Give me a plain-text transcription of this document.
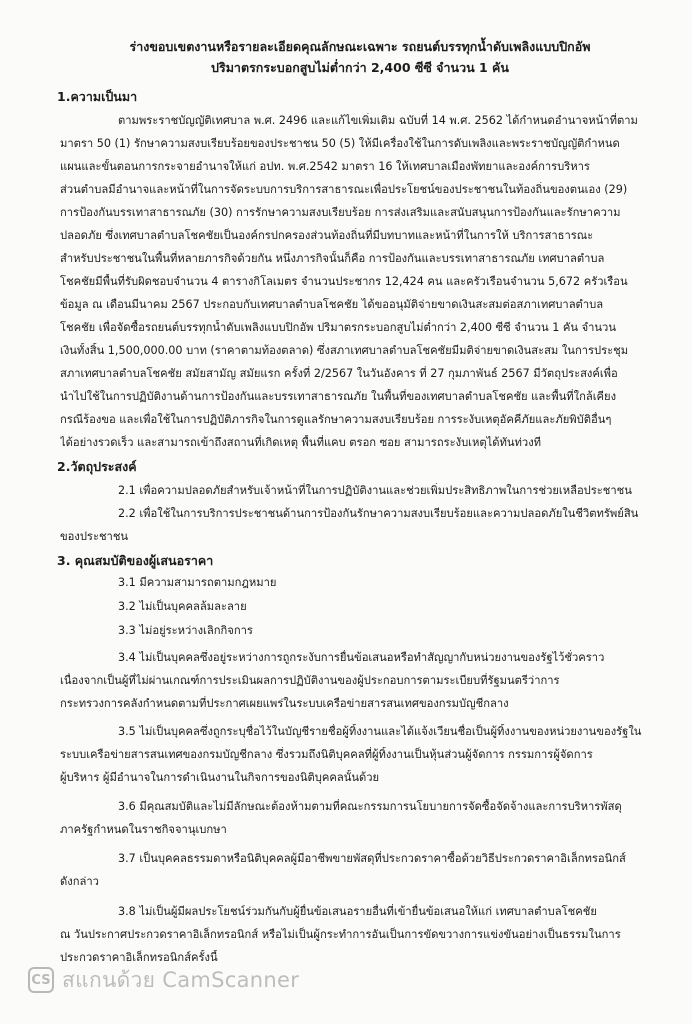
ร่างขอบเขตงานหรือรายละเอียดคุณลักษณะเฉพาะ รถยนต์บรรทุกน้ำดับเพลิงแบบปิกอัพ
ปริมาตรกระบอกสูบไม่ต่ำกว่า 2,400 ซีซี จำนวน 1 คัน
1.ความเป็นมา
ตามพระราชบัญญัติเทศบาล พ.ศ. 2496 และแก้ไขเพิ่มเติม ฉบับที่ 14 พ.ศ. 2562 ได้กำหนดอำนาจหน้าที่ตาม
มาตรา 50 (1) รักษาความสงบเรียบร้อยของประชาชน 50 (5) ให้มีเครื่องใช้ในการดับเพลิงและพระราชบัญญัติกำหนด
แผนและขั้นตอนการกระจายอำนาจให้แก่ อปท. พ.ศ.2542 มาตรา 16 ให้เทศบาลเมืองพัทยาและองค์การบริหาร
ส่วนตำบลมีอำนาจและหน้าที่ในการจัดระบบการบริการสาธารณะเพื่อประโยชน์ของประชาชนในท้องถิ่นของตนเอง (29)
การป้องกันบรรเทาสาธารณภัย (30) การรักษาความสงบเรียบร้อย การส่งเสริมและสนับสนุนการป้องกันและรักษาความ
ปลอดภัย ซึ่งเทศบาลตำบลโชคชัยเป็นองค์กรปกครองส่วนท้องถิ่นที่มีบทบาทและหน้าที่ในการให้ บริการสาธารณะ
สำหรับประชาชนในพื้นที่หลายภารกิจด้วยกัน หนึ่งภารกิจนั้นก็คือ การป้องกันและบรรเทาสาธารณภัย เทศบาลตำบล
โชคชัยมีพื้นที่รับผิดชอบจำนวน 4 ตารางกิโลเมตร จำนวนประชากร 12,424 คน และครัวเรือนจำนวน 5,672 ครัวเรือน
ข้อมูล ณ เดือนมีนาคม 2567 ประกอบกับเทศบาลตำบลโชคชัย ได้ขออนุมัติจ่ายขาดเงินสะสมต่อสภาเทศบาลตำบล
โชคชัย เพื่อจัดซื้อรถยนต์บรรทุกน้ำดับเพลิงแบบปิกอัพ ปริมาตรกระบอกสูบไม่ต่ำกว่า 2,400 ซีซี จำนวน 1 คัน จำนวน
เงินทั้งสิ้น 1,500,000.00 บาท (ราคาตามท้องตลาด) ซึ่งสภาเทศบาลตำบลโชคชัยมีมติจ่ายขาดเงินสะสม ในการประชุม
สภาเทศบาลตำบลโชคชัย สมัยสามัญ สมัยแรก ครั้งที่ 2/2567 ในวันอังคาร ที่ 27 กุมภาพันธ์ 2567 มีวัตถุประสงค์เพื่อ
นำไปใช้ในการปฏิบัติงานด้านการป้องกันและบรรเทาสาธารณภัย ในพื้นที่ของเทศบาลตำบลโชคชัย และพื้นที่ใกล้เคียง
กรณีร้องขอ และเพื่อใช้ในการปฏิบัติภารกิจในการดูแลรักษาความสงบเรียบร้อย การระงับเหตุอัคคีภัยและภัยพิบัติอื่นๆ
ได้อย่างรวดเร็ว และสามารถเข้าถึงสถานที่เกิดเหตุ พื้นที่แคบ ตรอก ซอย สามารถระงับเหตุได้ทันท่วงที
2.วัตถุประสงค์
2.1 เพื่อความปลอดภัยสำหรับเจ้าหน้าที่ในการปฏิบัติงานและช่วยเพิ่มประสิทธิภาพในการช่วยเหลือประชาชน
2.2 เพื่อใช้ในการบริการประชาชนด้านการป้องกันรักษาความสงบเรียบร้อยและความปลอดภัยในชีวิตทรัพย์สิน
ของประชาชน
3. คุณสมบัติของผู้เสนอราคา
3.1 มีความสามารถตามกฎหมาย
3.2 ไม่เป็นบุคคลล้มละลาย
3.3 ไม่อยู่ระหว่างเลิกกิจการ
3.4 ไม่เป็นบุคคลซึ่งอยู่ระหว่างการถูกระงับการยื่นข้อเสนอหรือทำสัญญากับหน่วยงานของรัฐไว้ชั่วคราว
เนื่องจากเป็นผู้ที่ไม่ผ่านเกณฑ์การประเมินผลการปฏิบัติงานของผู้ประกอบการตามระเบียบที่รัฐมนตรีว่าการ
กระทรวงการคลังกำหนดตามที่ประกาศเผยแพร่ในระบบเครือข่ายสารสนเทศของกรมบัญชีกลาง
3.5 ไม่เป็นบุคคลซึ่งถูกระบุชื่อไว้ในบัญชีรายชื่อผู้ทิ้งงานและได้แจ้งเวียนชื่อเป็นผู้ทิ้งงานของหน่วยงานของรัฐใน
ระบบเครือข่ายสารสนเทศของกรมบัญชีกลาง ซึ่งรวมถึงนิติบุคคลที่ผู้ทิ้งงานเป็นหุ้นส่วนผู้จัดการ กรรมการผู้จัดการ
ผู้บริหาร ผู้มีอำนาจในการดำเนินงานในกิจการของนิติบุคคลนั้นด้วย
3.6 มีคุณสมบัติและไม่มีลักษณะต้องห้ามตามที่คณะกรรมการนโยบายการจัดซื้อจัดจ้างและการบริหารพัสดุ
ภาครัฐกำหนดในราชกิจจานุเบกษา
3.7 เป็นบุคคลธรรมดาหรือนิติบุคคลผู้มีอาชีพขายพัสดุที่ประกวดราคาซื้อด้วยวิธีประกวดราคาอิเล็กทรอนิกส์
ดังกล่าว
3.8 ไม่เป็นผู้มีผลประโยชน์ร่วมกันกับผู้ยื่นข้อเสนอรายอื่นที่เข้ายื่นข้อเสนอให้แก่ เทศบาลตำบลโชคชัย
ณ วันประกาศประกวดราคาอิเล็กทรอนิกส์ หรือไม่เป็นผู้กระทำการอันเป็นการขัดขวางการแข่งขันอย่างเป็นธรรมในการ
ประกวดราคาอิเล็กทรอนิกส์ครั้งนี้
CS สแกนด้วย CamScanner
